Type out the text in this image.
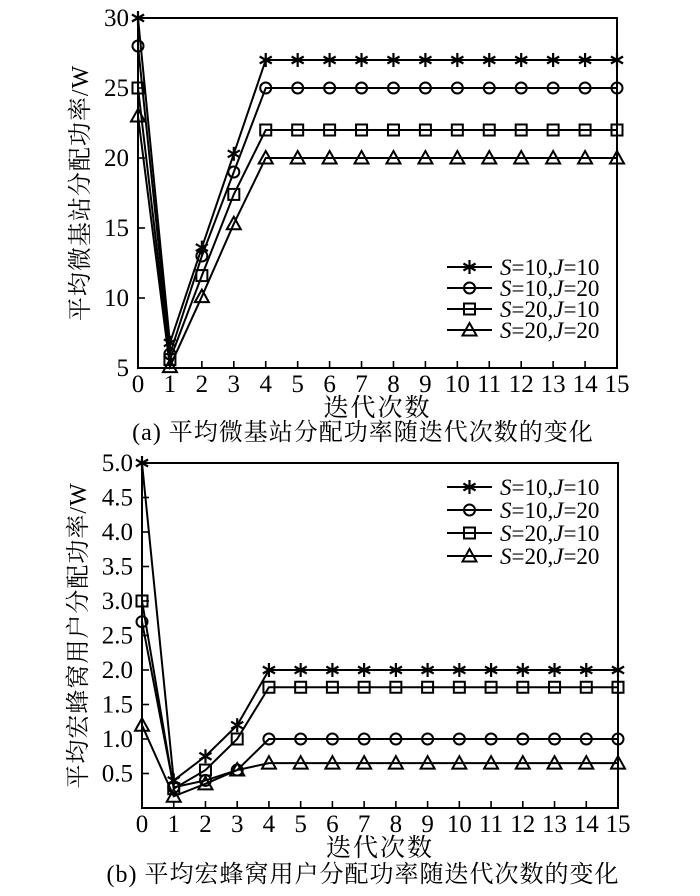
0 1 2 3 4 5 6 7 8 9 10 11 12 13 14 15
5
10
15
20
25
30
迭代次数
平均微基站分配功率/W	S=10,J=10
S=10,J=20
S=20,J=10
S=20,J=20
(a) 平均微基站分配功率随迭代次数的变化
0 1 2 3 4 5 6 7 8 9 10 11 12 13 14 15
0.5
1.0
1.5
2.0
2.5
3.0
3.5
4.0
4.5
5.0
迭代次数
平均宏蜂窝用户分配功率/W	S=10,J=10
S=10,J=20
S=20,J=10
S=20,J=20
(b) 平均宏蜂窝用户分配功率随迭代次数的变化
